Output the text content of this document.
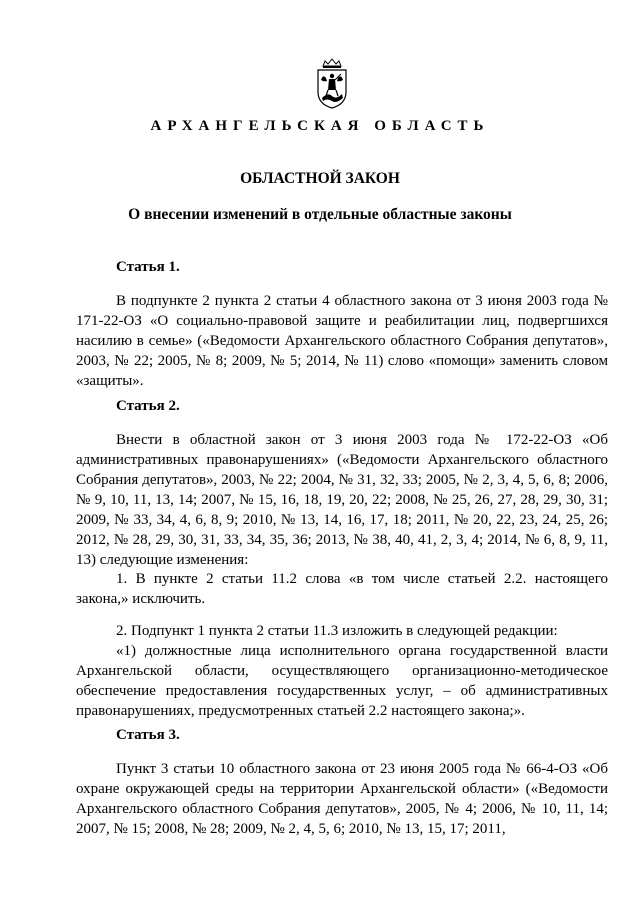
АРХАНГЕЛЬСКАЯ ОБЛАСТЬ
ОБЛАСТНОЙ ЗАКОН
О внесении изменений в отдельные областные законы
Статья 1.
В подпункте 2 пункта 2 статьи 4 областного закона от 3 июня 2003 года № 171-22-ОЗ «О социально-правовой защите и реабилитации лиц, подвергшихся насилию в семье» («Ведомости Архангельского областного Собрания депутатов», 2003, № 22; 2005, № 8; 2009, № 5; 2014, № 11) слово «помощи» заменить словом «защиты».
Статья 2.
Внести в областной закон от 3 июня 2003 года № 172-22-ОЗ «Об административных правонарушениях» («Ведомости Архангельского областного Собрания депутатов», 2003, № 22; 2004, № 31, 32, 33; 2005, № 2, 3, 4, 5, 6, 8; 2006, № 9, 10, 11, 13, 14; 2007, № 15, 16, 18, 19, 20, 22; 2008, № 25, 26, 27, 28, 29, 30, 31; 2009, № 33, 34, 4, 6, 8, 9; 2010, № 13, 14, 16, 17, 18; 2011, № 20, 22, 23, 24, 25, 26; 2012, № 28, 29, 30, 31, 33, 34, 35, 36; 2013, № 38, 40, 41, 2, 3, 4; 2014, № 6, 8, 9, 11, 13) следующие изменения:
1. В пункте 2 статьи 11.2 слова «в том числе статьей 2.2. настоящего закона,» исключить.
2. Подпункт 1 пункта 2 статьи 11.3 изложить в следующей редакции:
«1) должностные лица исполнительного органа государственной власти Архангельской области, осуществляющего организационно-методическое обеспечение предоставления государственных услуг, – об административных правонарушениях, предусмотренных статьей 2.2 настоящего закона;».
Статья 3.
Пункт 3 статьи 10 областного закона от 23 июня 2005 года № 66-4-ОЗ «Об охране окружающей среды на территории Архангельской области» («Ведомости Архангельского областного Собрания депутатов», 2005, № 4; 2006, № 10, 11, 14; 2007, № 15; 2008, № 28; 2009, № 2, 4, 5, 6; 2010, № 13, 15, 17; 2011,
